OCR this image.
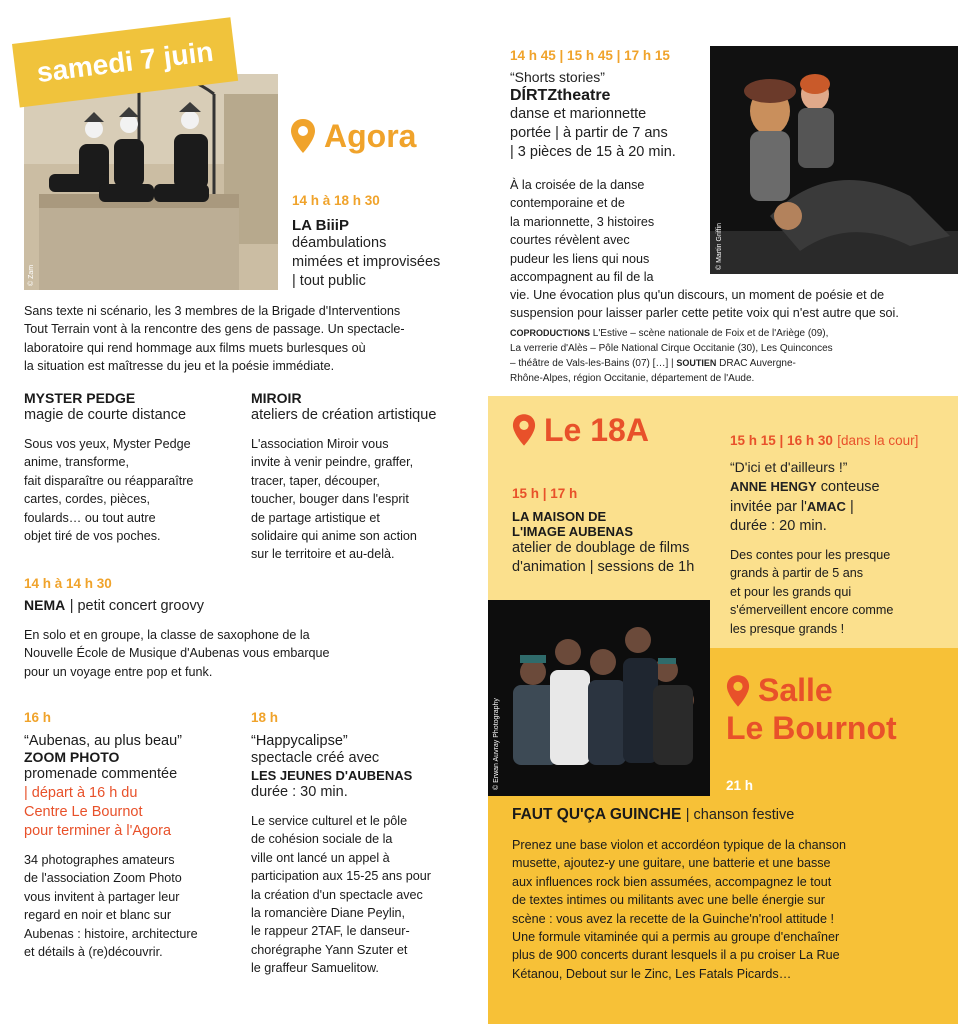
© Zam
samedi 7 juin
Agora
14 h à 18 h 30
LA BiiiP
déambulations
mimées et improvisées
| tout public
Sans texte ni scénario, les 3 membres de la Brigade d'Interventions
Tout Terrain vont à la rencontre des gens de passage. Un spectacle-
laboratoire qui rend hommage aux films muets burlesques où
la situation est maîtresse du jeu et la poésie immédiate.
MYSTER PEDGE
magie de courte distance
Sous vos yeux, Myster Pedge
anime, transforme,
fait disparaître ou réapparaître
cartes, cordes, pièces,
foulards… ou tout autre
objet tiré de vos poches.
MIROIR
ateliers de création artistique
L'association Miroir vous
invite à venir peindre, graffer,
tracer, taper, découper,
toucher, bouger dans l'esprit
de partage artistique et
solidaire qui anime son action
sur le territoire et au-delà.
14 h à 14 h 30
NEMA | petit concert groovy
En solo et en groupe, la classe de saxophone de la
Nouvelle École de Musique d'Aubenas vous embarque
pour un voyage entre pop et funk.
16 h
“Aubenas, au plus beau”
ZOOM PHOTO
promenade commentée
| départ à 16 h du
Centre Le Bournot
pour terminer à l'Agora
34 photographes amateurs
de l'association Zoom Photo
vous invitent à partager leur
regard en noir et blanc sur
Aubenas : histoire, architecture
et détails à (re)découvrir.
18 h
“Happycalipse”
spectacle créé avec
LES JEUNES D'AUBENAS
durée : 30 min.
Le service culturel et le pôle
de cohésion sociale de la
ville ont lancé un appel à
participation aux 15-25 ans pour
la création d'un spectacle avec
la romancière Diane Peylin,
le rappeur 2TAF, le danseur-
chorégraphe Yann Szuter et
le graffeur Samuelitow.
14 h 45 | 15 h 45 | 17 h 15
“Shorts stories”
DÍRTZtheatre
danse et marionnette
portée | à partir de 7 ans
| 3 pièces de 15 à 20 min.
À la croisée de la danse
contemporaine et de
la marionnette, 3 histoires
courtes révèlent avec
pudeur les liens qui nous
accompagnent au fil de la
© Martin Griffin
vie. Une évocation plus qu'un discours, un moment de poésie et de
suspension pour laisser parler cette petite voix qui n'est autre que soi.
COPRODUCTIONS L'Estive – scène nationale de Foix et de l'Ariège (09),
La verrerie d'Alès – Pôle National Cirque Occitanie (30), Les Quinconces
– théâtre de Vals-les-Bains (07) […] | SOUTIEN DRAC Auvergne-
Rhône-Alpes, région Occitanie, département de l'Aude.
Le 18A
15 h | 17 h
LA MAISON DE
L'IMAGE AUBENAS
atelier de doublage de films
d'animation | sessions de 1h
15 h 15 | 16 h 30 [dans la cour]
“D'ici et d'ailleurs !”
ANNE HENGY conteuse
invitée par l'AMAC |
durée : 20 min.
Des contes pour les presque
grands à partir de 5 ans
et pour les grands qui
s'émerveillent encore comme
les presque grands !
© Erwan Auvray Photography
Salle
Le Bournot
21 h
FAUT QU'ÇA GUINCHE | chanson festive
Prenez une base violon et accordéon typique de la chanson
musette, ajoutez-y une guitare, une batterie et une basse
aux influences rock bien assumées, accompagnez le tout
de textes intimes ou militants avec une belle énergie sur
scène : vous avez la recette de la Guinche'n'rool attitude !
Une formule vitaminée qui a permis au groupe d'enchaîner
plus de 900 concerts durant lesquels il a pu croiser La Rue
Kétanou, Debout sur le Zinc, Les Fatals Picards…
